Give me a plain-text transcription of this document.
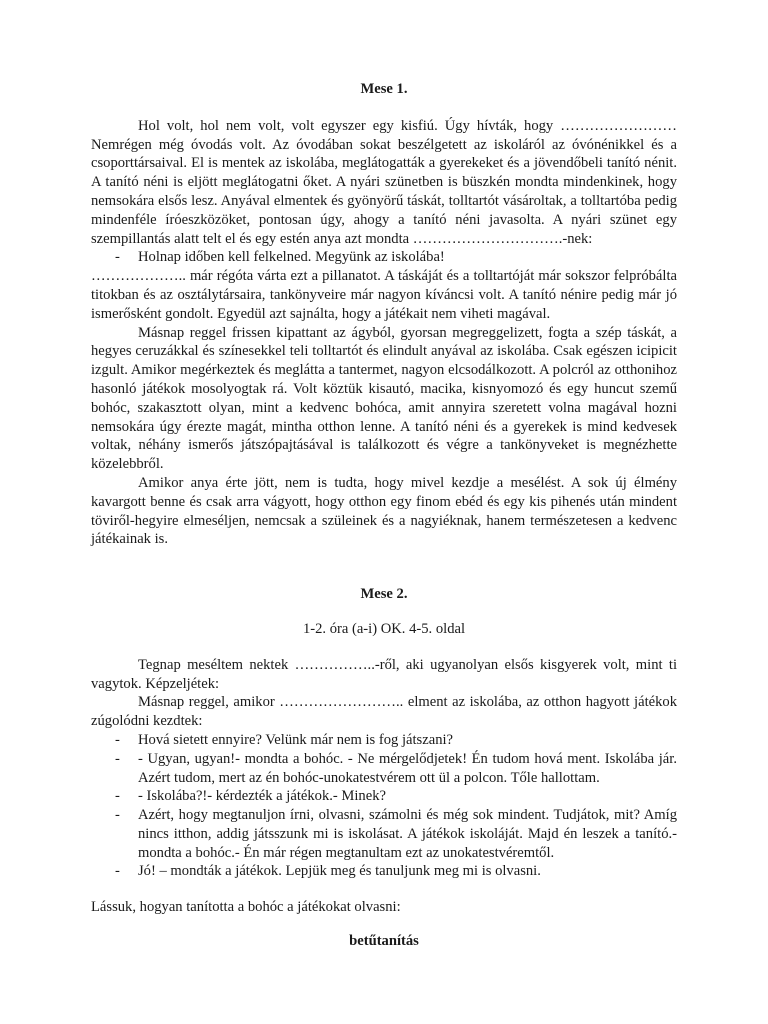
Mese 1.

Hol volt, hol nem volt, volt egyszer egy kisfiú. Úgy hívták, hogy …………………… Nemrégen még óvodás volt. Az óvodában sokat beszélgetett az iskoláról az óvónénikkel és a csoporttársaival. El is mentek az iskolába, meglátogatták a gyerekeket és a jövendőbeli tanító nénit. A tanító néni is eljött meglátogatni őket. A nyári szünetben is büszkén mondta mindenkinek, hogy nemsokára elsős lesz. Anyával elmentek és gyönyörű táskát, tolltartót vásároltak, a tolltartóba pedig mindenféle íróeszközöket, pontosan úgy, ahogy a tanító néni javasolta. A nyári szünet egy szempillantás alatt telt el és egy estén anya azt mondta ………………………….-nek:

- Holnap időben kell felkelned. Megyünk az iskolába!

……………….. már régóta várta ezt a pillanatot. A táskáját és a tolltartóját már sokszor felpróbálta titokban és az osztálytársaira, tankönyveire már nagyon kíváncsi volt. A tanító nénire pedig már jó ismerősként gondolt. Egyedül azt sajnálta, hogy a játékait nem viheti magával.

Másnap reggel frissen kipattant az ágyból, gyorsan megreggelizett, fogta a szép táskát, a hegyes ceruzákkal és színesekkel teli tolltartót és elindult anyával az iskolába. Csak egészen icipicit izgult. Amikor megérkeztek és meglátta a tantermet, nagyon elcsodálkozott. A polcról az otthonihoz hasonló játékok mosolyogtak rá. Volt köztük kisautó, macika, kisnyomozó és egy huncut szemű bohóc, szakasztott olyan, mint a kedvenc bohóca, amit annyira szeretett volna magával hozni nemsokára úgy érezte magát, mintha otthon lenne. A tanító néni és a gyerekek is mind kedvesek voltak, néhány ismerős játszópajtásával is találkozott és végre a tankönyveket is megnézhette közelebbről.

Amikor anya érte jött, nem is tudta, hogy mivel kezdje a mesélést. A sok új élmény kavargott benne és csak arra vágyott, hogy otthon egy finom ebéd és egy kis pihenés után mindent töviről-hegyire elmeséljen, nemcsak a szüleinek és a nagyiéknak, hanem természetesen a kedvenc játékainak is.

Mese 2.

1-2. óra (a-i) OK. 4-5. oldal

Tegnap meséltem nektek ……………..-ről, aki ugyanolyan elsős kisgyerek volt, mint ti vagytok. Képzeljétek:

Másnap reggel, amikor …………………….. elment az iskolába, az otthon hagyott játékok zúgolódni kezdtek:

- Hová sietett ennyire? Velünk már nem is fog játszani?
- - Ugyan, ugyan!- mondta a bohóc. - Ne mérgelődjetek! Én tudom hová ment. Iskolába jár. Azért tudom, mert az én bohóc-unokatestvérem ott ül a polcon. Tőle hallottam.
- - Iskolába?!- kérdezték a játékok.- Minek?
- Azért, hogy megtanuljon írni, olvasni, számolni és még sok mindent. Tudjátok, mit? Amíg nincs itthon, addig játsszunk mi is iskolásat. A játékok iskoláját. Majd én leszek a tanító.- mondta a bohóc.- Én már régen megtanultam ezt az unokatestvéremtől.
- Jó! – mondták a játékok. Lepjük meg és tanuljunk meg mi is olvasni.

Lássuk, hogyan tanította a bohóc a játékokat olvasni:

betűtanítás
